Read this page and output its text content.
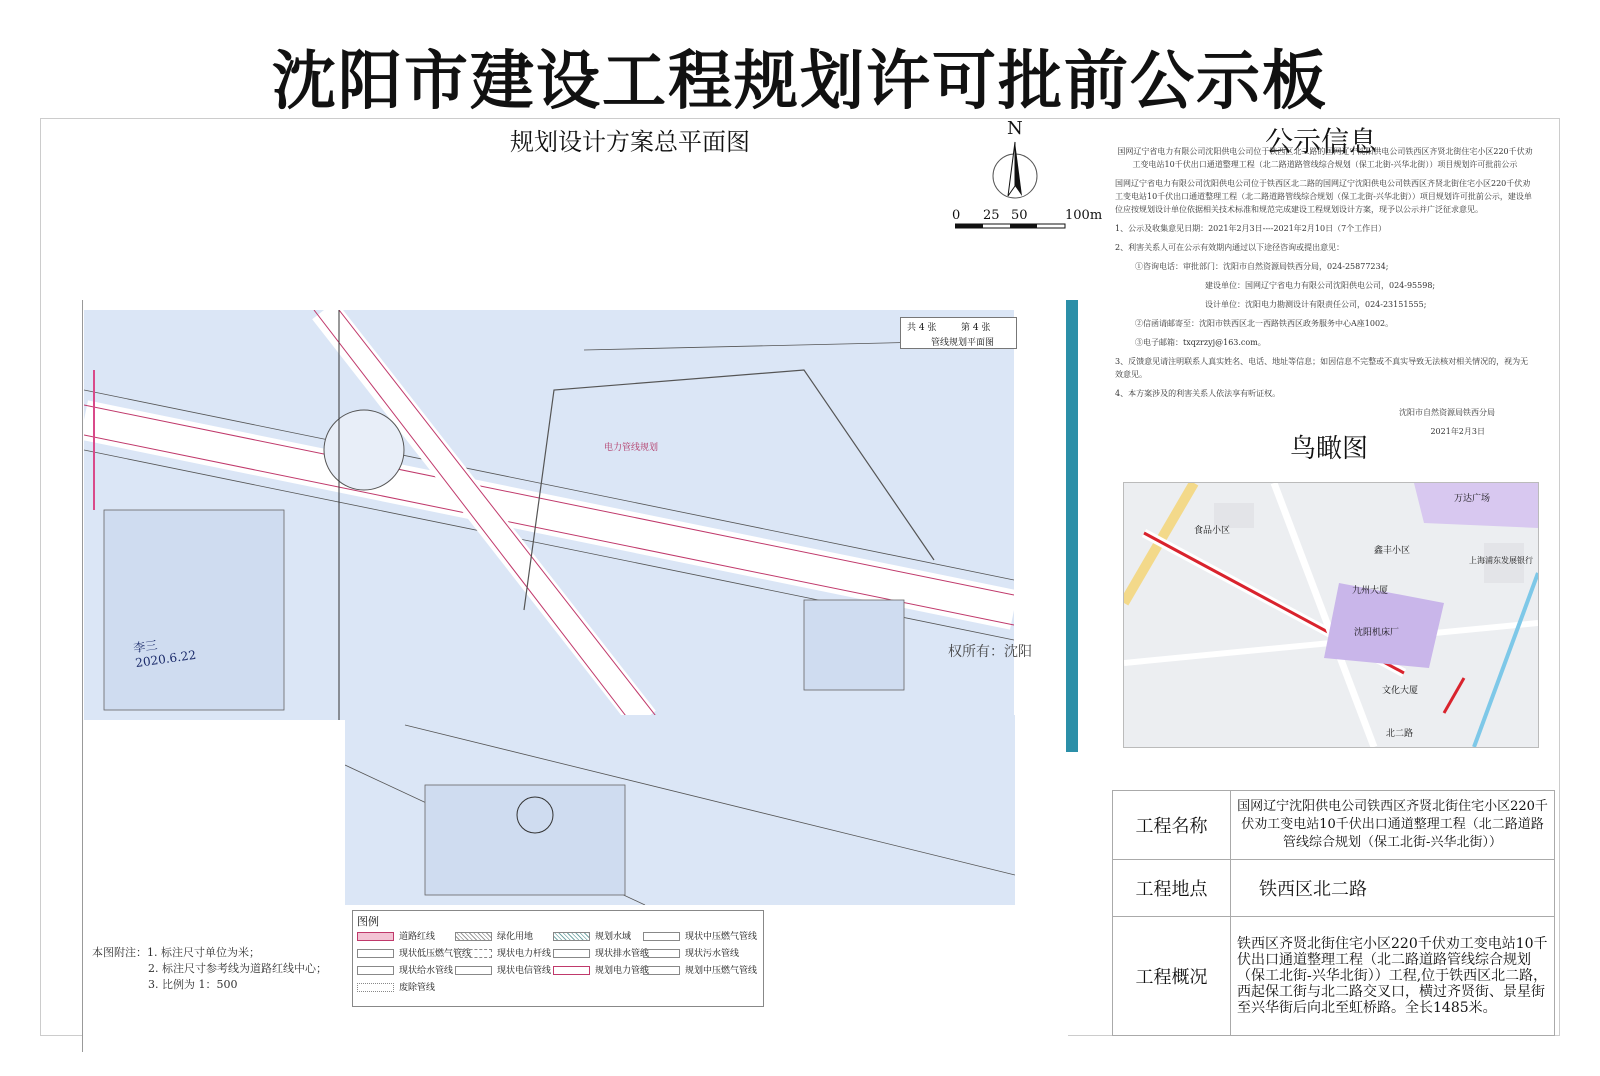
沈阳市建设工程规划许可批前公示板
规划设计方案总平面图	N
0 25 50	100m
公示信息

国网辽宁省电力有限公司沈阳供电公司位于铁西区北二路的国网辽宁沈阳供电公司铁西区齐贤北街住宅小区220千伏劝工变电站10千伏出口通道整理工程（北二路道路管线综合规划（保工北街-兴华北街））项目规划许可批前公示

国网辽宁省电力有限公司沈阳供电公司位于铁西区北二路的国网辽宁沈阳供电公司铁西区齐贤北街住宅小区220千伏劝工变电站10千伏出口通道整理工程（北二路道路管线综合规划（保工北街-兴华北街））项目规划许可批前公示，建设单位应按规划设计单位依据相关技术标准和规范完成建设工程规划设计方案，现予以公示并广泛征求意见。

1、公示及收集意见日期：2021年2月3日----2021年2月10日（7个工作日）

2、利害关系人可在公示有效期内通过以下途径咨询或提出意见：

①咨询电话：审批部门：沈阳市自然资源局铁西分局，024-25877234;

建设单位：国网辽宁省电力有限公司沈阳供电公司，024-95598;

设计单位：沈阳电力勘测设计有限责任公司，024-23151555;

②信函请邮寄至：沈阳市铁西区北一西路铁西区政务服务中心A座1002。

③电子邮箱：txqzrzyj@163.com。

3、反馈意见请注明联系人真实姓名、电话、地址等信息；如因信息不完整或不真实导致无法核对相关情况的，视为无效意见。

4、本方案涉及的利害关系人依法享有听证权。

沈阳市自然资源局铁西分局

2021年2月3日

鸟瞰图
北二路
万达广场
食品小区
沈阳机床厂
鑫丰小区
九州大厦
上海浦东发展银行
文化大厦
李三
2020.6.22
电力管线规划
共 4 张	第 4 张
管线规划平面图
权所有：沈阳
图例
道路红线	绿化用地	规划水域	现状中压燃气管线
现状低压燃气管线	现状电力杆线	现状排水管线	现状污水管线
现状给水管线	现状电信管线	规划电力管线	规划中压燃气管线
废除管线
本图附注：1. 标注尺寸单位为米；
2. 标注尺寸参考线为道路红线中心；
3. 比例为 1：500
工程名称	国网辽宁沈阳供电公司铁西区齐贤北街住宅小区220千伏劝工变电站10千伏出口通道整理工程（北二路道路管线综合规划（保工北街-兴华北街））
工程地点	铁西区北二路
工程概况	铁西区齐贤北街住宅小区220千伏劝工变电站10千伏出口通道整理工程（北二路道路管线综合规划（保工北街-兴华北街））工程,位于铁西区北二路，西起保工街与北二路交叉口，横过齐贤街、景星街至兴华街后向北至虹桥路。全长1485米。
